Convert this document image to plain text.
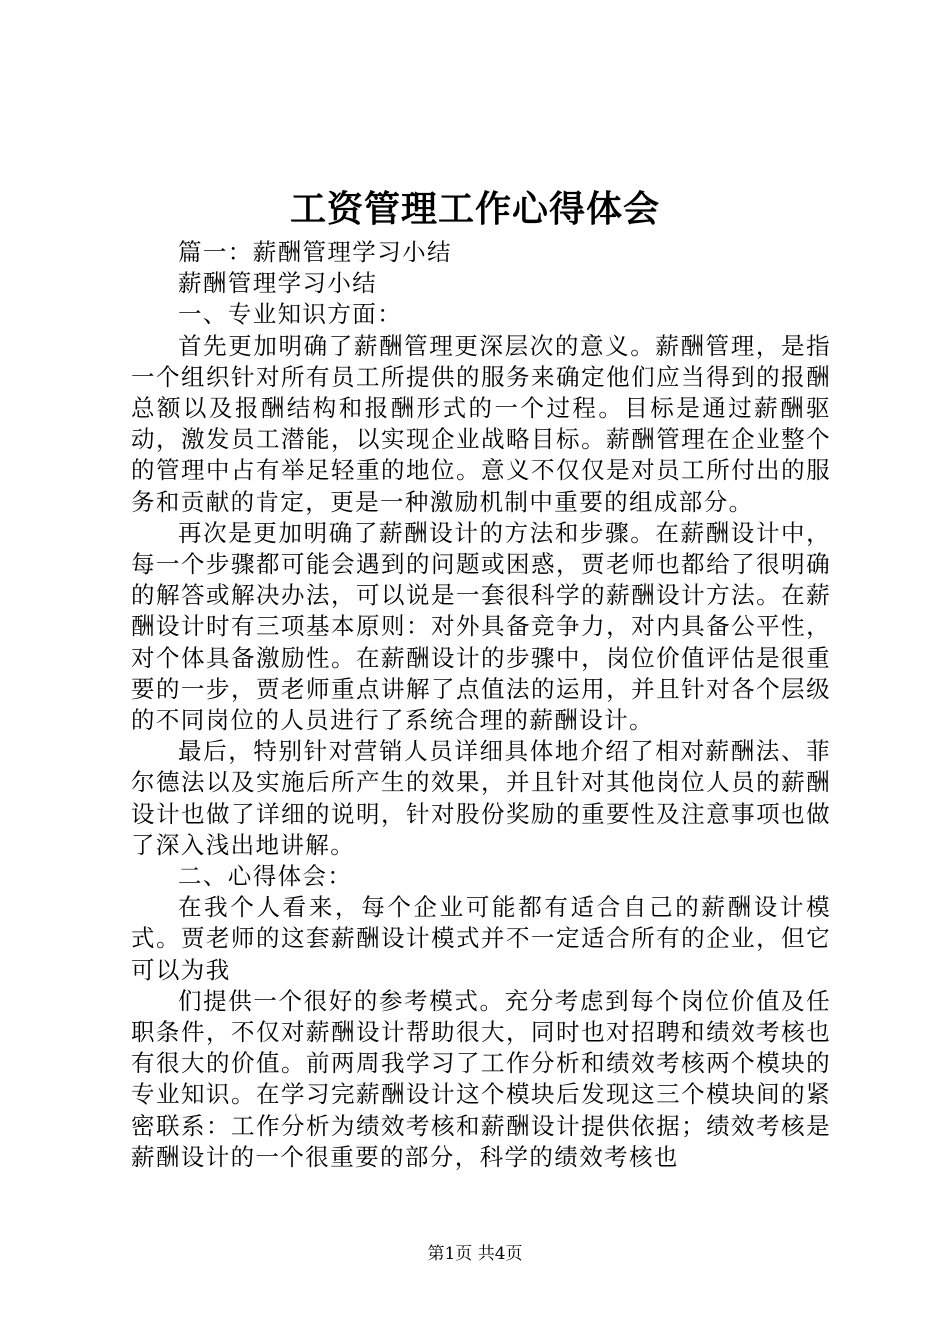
工资管理工作心得体会

篇一：薪酬管理学习小结

薪酬管理学习小结

一、专业知识方面：

首先更加明确了薪酬管理更深层次的意义。薪酬管理，是指一个组织针对所有员工所提供的服务来确定他们应当得到的报酬总额以及报酬结构和报酬形式的一个过程。目标是通过薪酬驱动，激发员工潜能，以实现企业战略目标。薪酬管理在企业整个的管理中占有举足轻重的地位。意义不仅仅是对员工所付出的服务和贡献的肯定，更是一种激励机制中重要的组成部分。

再次是更加明确了薪酬设计的方法和步骤。在薪酬设计中，每一个步骤都可能会遇到的问题或困惑，贾老师也都给了很明确的解答或解决办法，可以说是一套很科学的薪酬设计方法。在薪酬设计时有三项基本原则：对外具备竞争力，对内具备公平性，对个体具备激励性。在薪酬设计的步骤中，岗位价值评估是很重要的一步，贾老师重点讲解了点值法的运用，并且针对各个层级的不同岗位的人员进行了系统合理的薪酬设计。

最后，特别针对营销人员详细具体地介绍了相对薪酬法、菲尔德法以及实施后所产生的效果，并且针对其他岗位人员的薪酬设计也做了详细的说明，针对股份奖励的重要性及注意事项也做了深入浅出地讲解。

二、心得体会：

在我个人看来，每个企业可能都有适合自己的薪酬设计模式。贾老师的这套薪酬设计模式并不一定适合所有的企业，但它可以为我

们提供一个很好的参考模式。充分考虑到每个岗位价值及任职条件，不仅对薪酬设计帮助很大，同时也对招聘和绩效考核也有很大的价值。前两周我学习了工作分析和绩效考核两个模块的专业知识。在学习完薪酬设计这个模块后发现这三个模块间的紧密联系：工作分析为绩效考核和薪酬设计提供依据；绩效考核是薪酬设计的一个很重要的部分，科学的绩效考核也

第1页 共4页
